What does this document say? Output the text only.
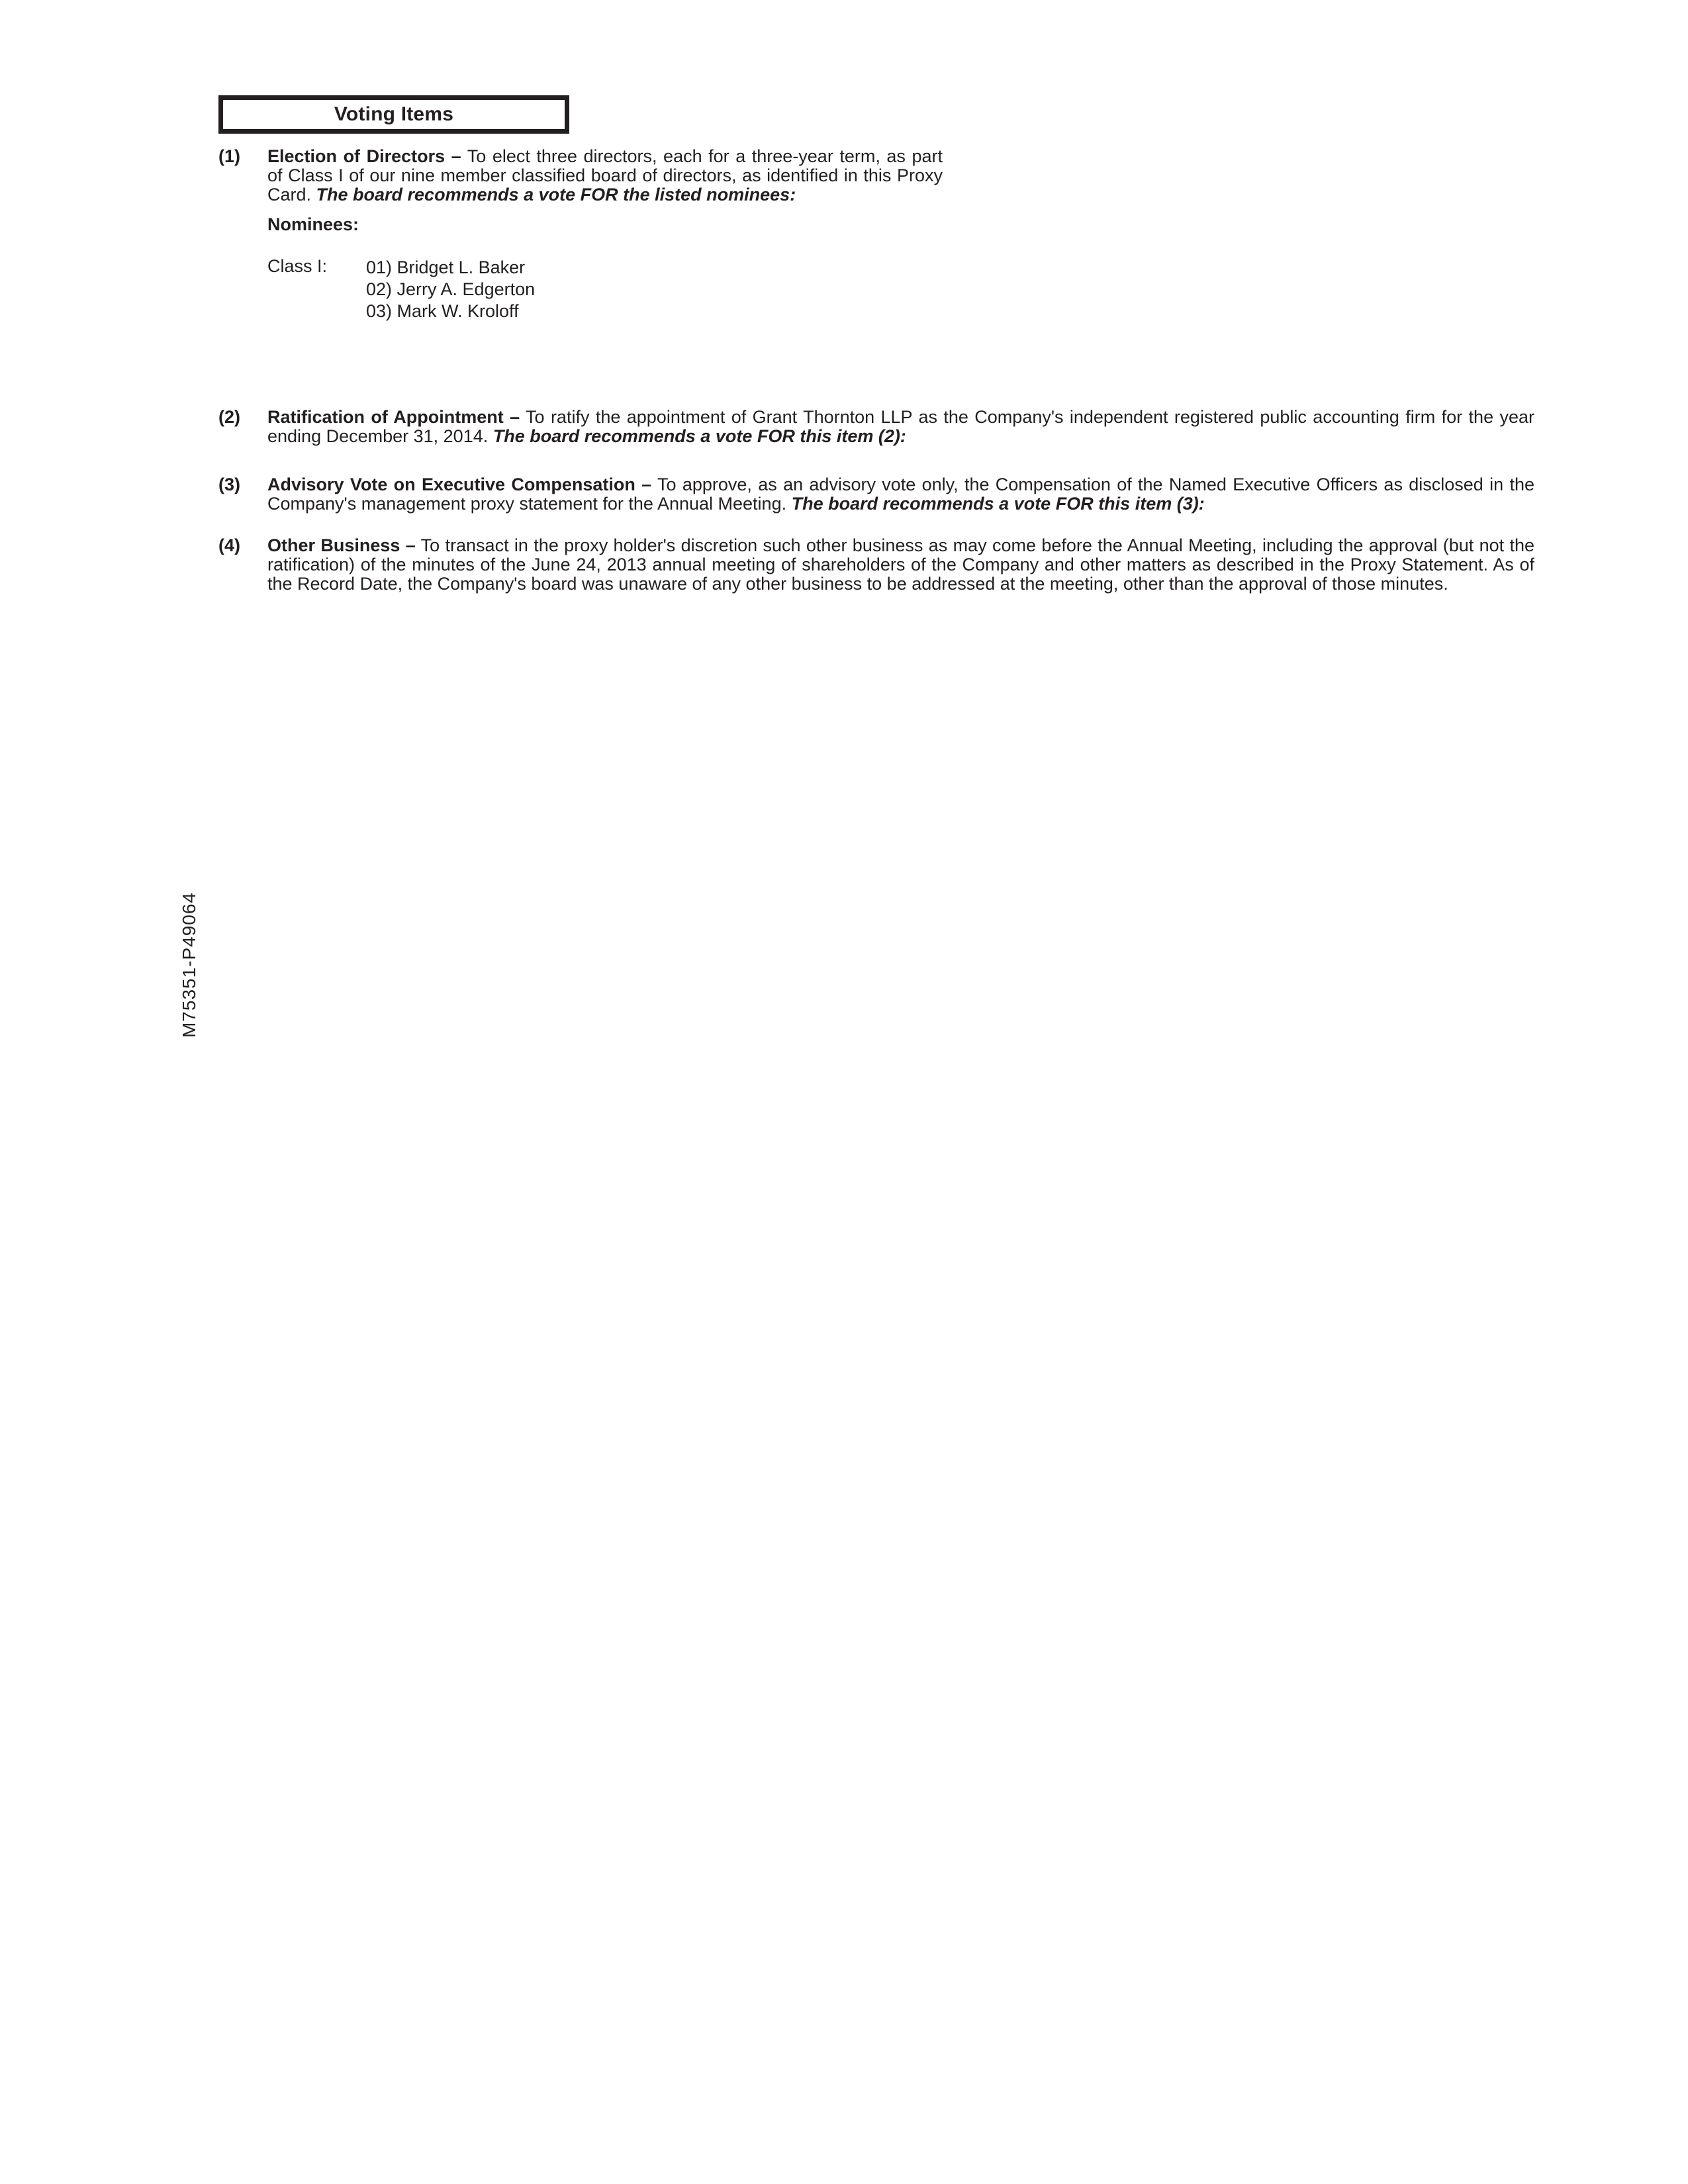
Voting Items
(1)	Election of Directors – To elect three directors, each for a three-year term, as part of Class I of our nine member classified board of directors, as identified in this Proxy Card. The board recommends a vote FOR the listed nominees:
Nominees:
Class I: 01) Bridget L. Baker
02) Jerry A. Edgerton
03) Mark W. Kroloff
(2)	Ratification of Appointment – To ratify the appointment of Grant Thornton LLP as the Company's independent registered public accounting firm for the year ending December 31, 2014. The board recommends a vote FOR this item (2):
(3)	Advisory Vote on Executive Compensation – To approve, as an advisory vote only, the Compensation of the Named Executive Officers as disclosed in the Company's management proxy statement for the Annual Meeting. The board recommends a vote FOR this item (3):
(4)	Other Business – To transact in the proxy holder's discretion such other business as may come before the Annual Meeting, including the approval (but not the ratification) of the minutes of the June 24, 2013 annual meeting of shareholders of the Company and other matters as described in the Proxy Statement. As of the Record Date, the Company's board was unaware of any other business to be addressed at the meeting, other than the approval of those minutes.
M75351-P49064
